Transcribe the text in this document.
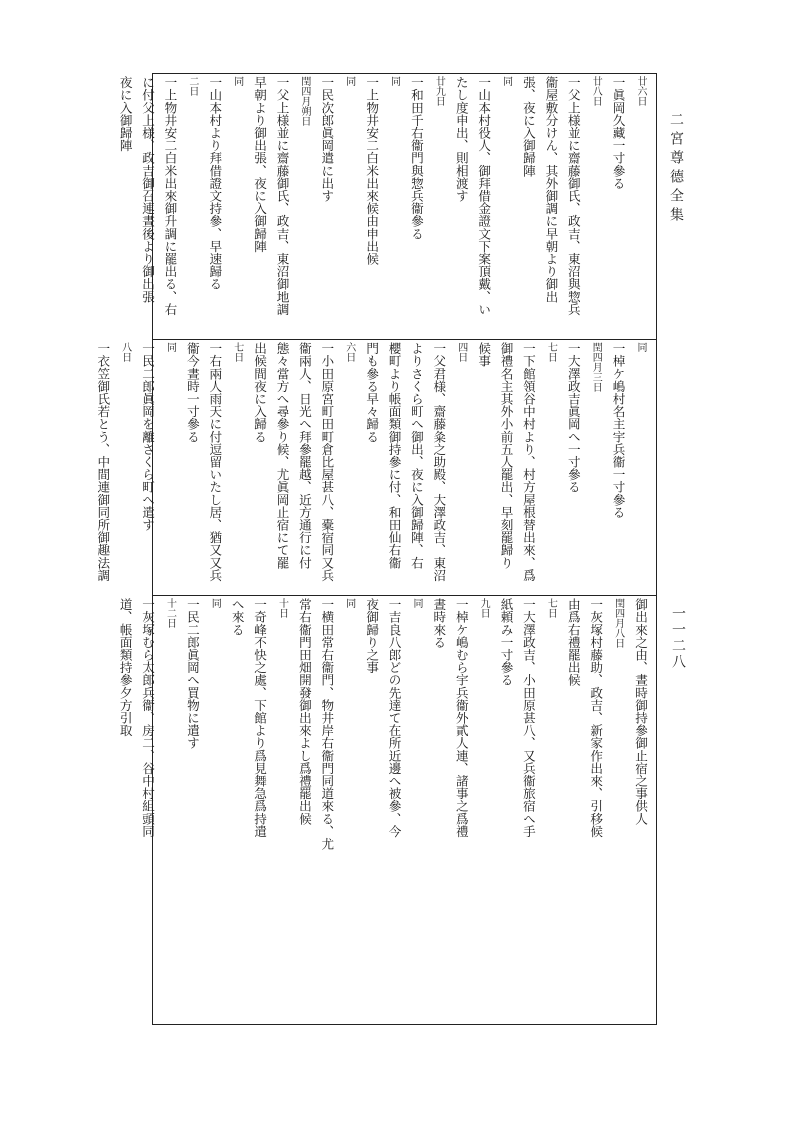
二宮尊德全集
一一二八
廿六日
一眞岡久藏一寸參る
廿八日
一父上様並に齋藤御氏、政吉、東沼與惣兵
衞屋敷分けん、其外御調に早朝より御出
張、夜に入御歸陣
同
一山本村役人、御拜借金證文下案頂戴、い
たし度申出、則相渡す
廿九日
一和田千右衞門與惣兵衞參る
同
一上物井安二白米出來候由申出候
同
一民次郎眞岡遣に出す
閏四月朔日
一父上様並に齋藤御氏、政吉、東沼御地調
早朝より御出張、夜に入御歸陣
同
一山本村より拜借證文持參、早速歸る
二日
一上物井安二白米出來御升調に罷出る、右
に付父上様、政吉御召連晝後より御出張
夜に入御歸陣
同
一棹ケ嶋村名主宇兵衞一寸參る
閏四月三日
一大澤政吉眞岡へ一寸參る
七日
一下館領谷中村より、村方屋根替出來、爲
御禮名主其外小前五人罷出、早刻罷歸り
候事
四日
一父君様、齋藤粂之助殿、大澤政吉、東沼
よりさくら町へ御出、夜に入御歸陣、右
櫻町より帳面類御持參に付、和田仙右衞
門も參る早々歸る
六日
一小田原宮町田町倉比屋甚八、橐宿同又兵
衞兩人、日光へ拜參罷越、近方通行に付
態々當方へ尋參り候、尤眞岡止宿にて罷
出候間夜に入歸る
七日
一右兩人雨天に付逗留いたし居、猶又又兵
衞今晝時一寸參る
同
一民二郎眞岡を離さくら町へ遣す
八日
一衣笠御氏若とう、中間連御同所御趣法調
御出來之由、晝時御持參御止宿之事供人
閏四月八日
一灰塚村藤助、政吉、新家作出來、引移候
由爲右禮罷出候
七日
一大澤政吉、小田原甚八、又兵衞旅宿へ手
紙頼み一寸參る
九日
一棹ケ嶋むら宇兵衞外貳人連、諸事之爲禮
晝時來る
同
一吉良八郎どの先達て在所近邊へ被參、今
夜御歸り之事
同
一横田常右衞門、物井岸右衞門同道來る、尤
常右衞門田畑開發御出來よし爲禮罷出候
十日
一奇峰不快之處、下館より爲見舞急爲持遣
へ來る
同
一民二郎眞岡へ買物に遣す
十二日
一灰塚むら太郎兵衞、房二、谷中村組頭同
道、帳面類持參夕方引取
